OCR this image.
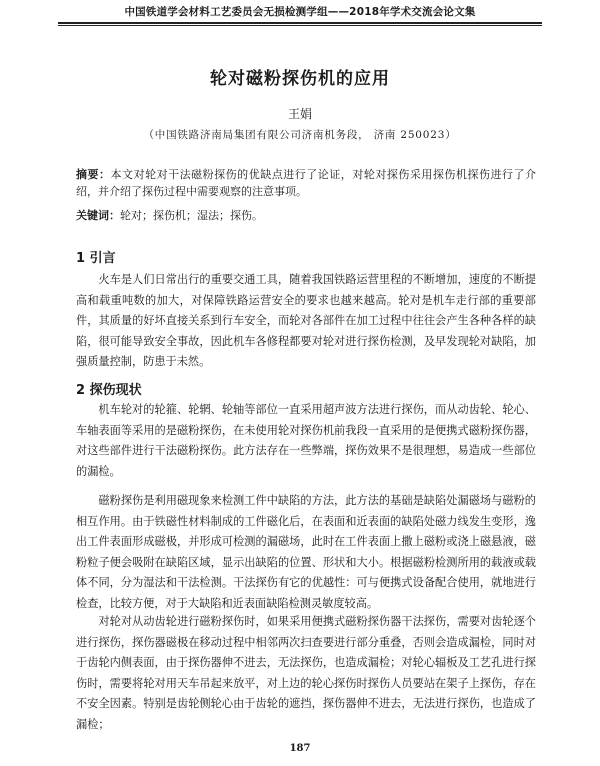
中国铁道学会材料工艺委员会无损检测学组——2018年学术交流会论文集
轮对磁粉探伤机的应用
王娟
（中国铁路济南局集团有限公司济南机务段， 济南 250023）
摘要：本文对轮对干法磁粉探伤的优缺点进行了论证，对轮对探伤采用探伤机探伤进行了介绍，并介绍了探伤过程中需要观察的注意事项。
关键词：轮对；探伤机；湿法；探伤。
1 引言

火车是人们日常出行的重要交通工具，随着我国铁路运营里程的不断增加，速度的不断提高和载重吨数的加大，对保障铁路运营安全的要求也越来越高。轮对是机车走行部的重要部件，其质量的好坏直接关系到行车安全，而轮对各部件在加工过程中往往会产生各种各样的缺陷，很可能导致安全事故，因此机车各修程都要对轮对进行探伤检测，及早发现轮对缺陷，加强质量控制，防患于未然。

2 探伤现状

机车轮对的轮箍、轮辋、轮轴等部位一直采用超声波方法进行探伤，而从动齿轮、轮心、车轴表面等采用的是磁粉探伤，在未使用轮对探伤机前我段一直采用的是便携式磁粉探伤器，对这些部件进行干法磁粉探伤。此方法存在一些弊端，探伤效果不是很理想，易造成一些部位的漏检。

磁粉探伤是利用磁现象来检测工件中缺陷的方法，此方法的基础是缺陷处漏磁场与磁粉的相互作用。由于铁磁性材料制成的工件磁化后，在表面和近表面的缺陷处磁力线发生变形，逸出工件表面形成磁极，并形成可检测的漏磁场，此时在工件表面上撒上磁粉或浇上磁悬液，磁粉粒子便会吸附在缺陷区域，显示出缺陷的位置、形状和大小。根据磁粉检测所用的载液或载体不同，分为湿法和干法检测。干法探伤有它的优越性：可与便携式设备配合使用，就地进行检查，比较方便，对于大缺陷和近表面缺陷检测灵敏度较高。

对轮对从动齿轮进行磁粉探伤时，如果采用便携式磁粉探伤器干法探伤，需要对齿轮逐个进行探伤，探伤器磁极在移动过程中相邻两次扫查要进行部分重叠，否则会造成漏检，同时对于齿轮内侧表面，由于探伤器伸不进去，无法探伤，也造成漏检；对轮心辐板及工艺孔进行探伤时，需要将轮对用天车吊起来放平，对上边的轮心探伤时探伤人员要站在架子上探伤，存在不安全因素。特别是齿轮侧轮心由于齿轮的遮挡，探伤器伸不进去，无法进行探伤，也造成了漏检；

187
